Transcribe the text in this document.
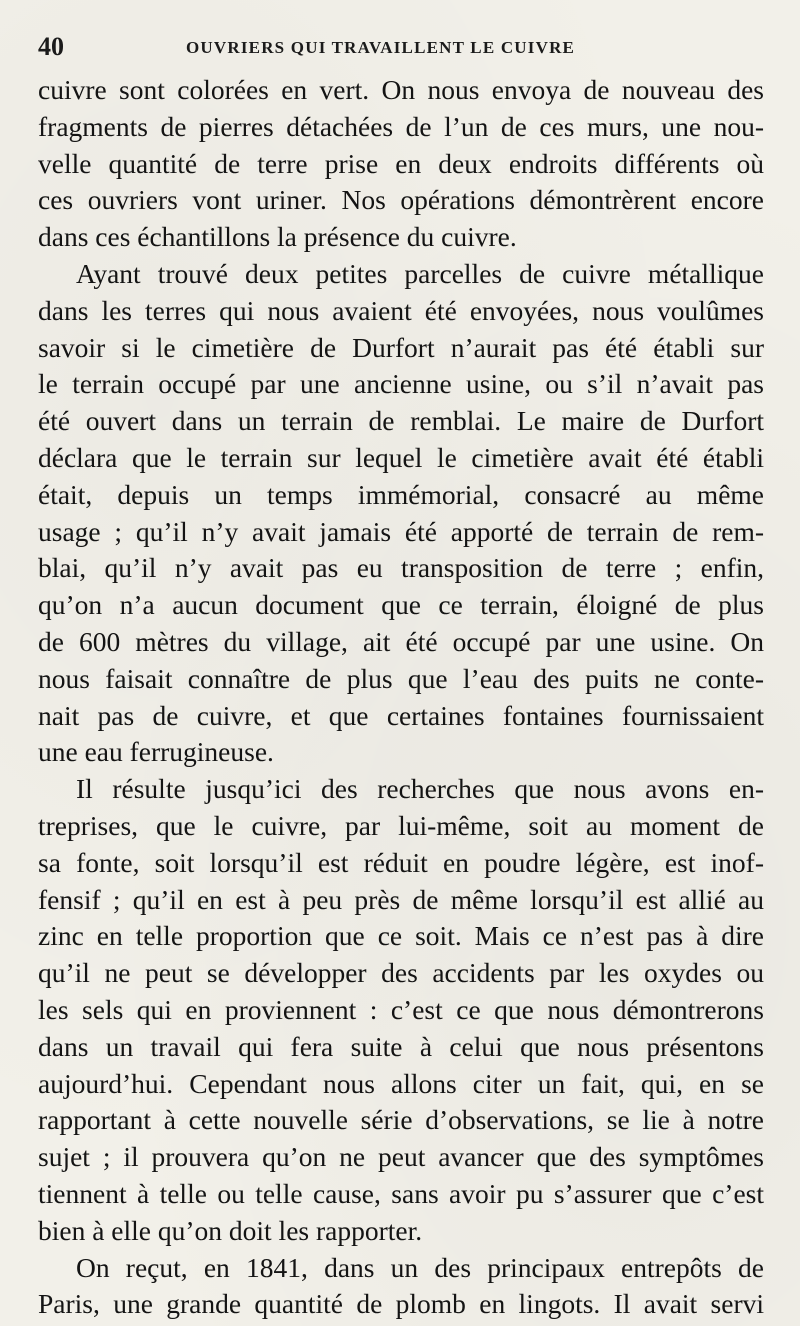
40	OUVRIERS QUI TRAVAILLENT LE CUIVRE
cuivre sont colorées en vert. On nous envoya de nouveau des
fragments de pierres détachées de l’un de ces murs, une nou-
velle quantité de terre prise en deux endroits différents où
ces ouvriers vont uriner. Nos opérations démontrèrent encore
dans ces échantillons la présence du cuivre.
Ayant trouvé deux petites parcelles de cuivre métallique
dans les terres qui nous avaient été envoyées, nous voulûmes
savoir si le cimetière de Durfort n’aurait pas été établi sur
le terrain occupé par une ancienne usine, ou s’il n’avait pas
été ouvert dans un terrain de remblai. Le maire de Durfort
déclara que le terrain sur lequel le cimetière avait été établi
était, depuis un temps immémorial, consacré au même
usage ; qu’il n’y avait jamais été apporté de terrain de rem-
blai, qu’il n’y avait pas eu transposition de terre ; enfin,
qu’on n’a aucun document que ce terrain, éloigné de plus
de 600 mètres du village, ait été occupé par une usine. On
nous faisait connaître de plus que l’eau des puits ne conte-
nait pas de cuivre, et que certaines fontaines fournissaient
une eau ferrugineuse.
Il résulte jusqu’ici des recherches que nous avons en-
treprises, que le cuivre, par lui-même, soit au moment de
sa fonte, soit lorsqu’il est réduit en poudre légère, est inof-
fensif ; qu’il en est à peu près de même lorsqu’il est allié au
zinc en telle proportion que ce soit. Mais ce n’est pas à dire
qu’il ne peut se développer des accidents par les oxydes ou
les sels qui en proviennent : c’est ce que nous démontrerons
dans un travail qui fera suite à celui que nous présentons
aujourd’hui. Cependant nous allons citer un fait, qui, en se
rapportant à cette nouvelle série d’observations, se lie à notre
sujet ; il prouvera qu’on ne peut avancer que des symptômes
tiennent à telle ou telle cause, sans avoir pu s’assurer que c’est
bien à elle qu’on doit les rapporter.
On reçut, en 1841, dans un des principaux entrepôts de
Paris, une grande quantité de plomb en lingots. Il avait servi
